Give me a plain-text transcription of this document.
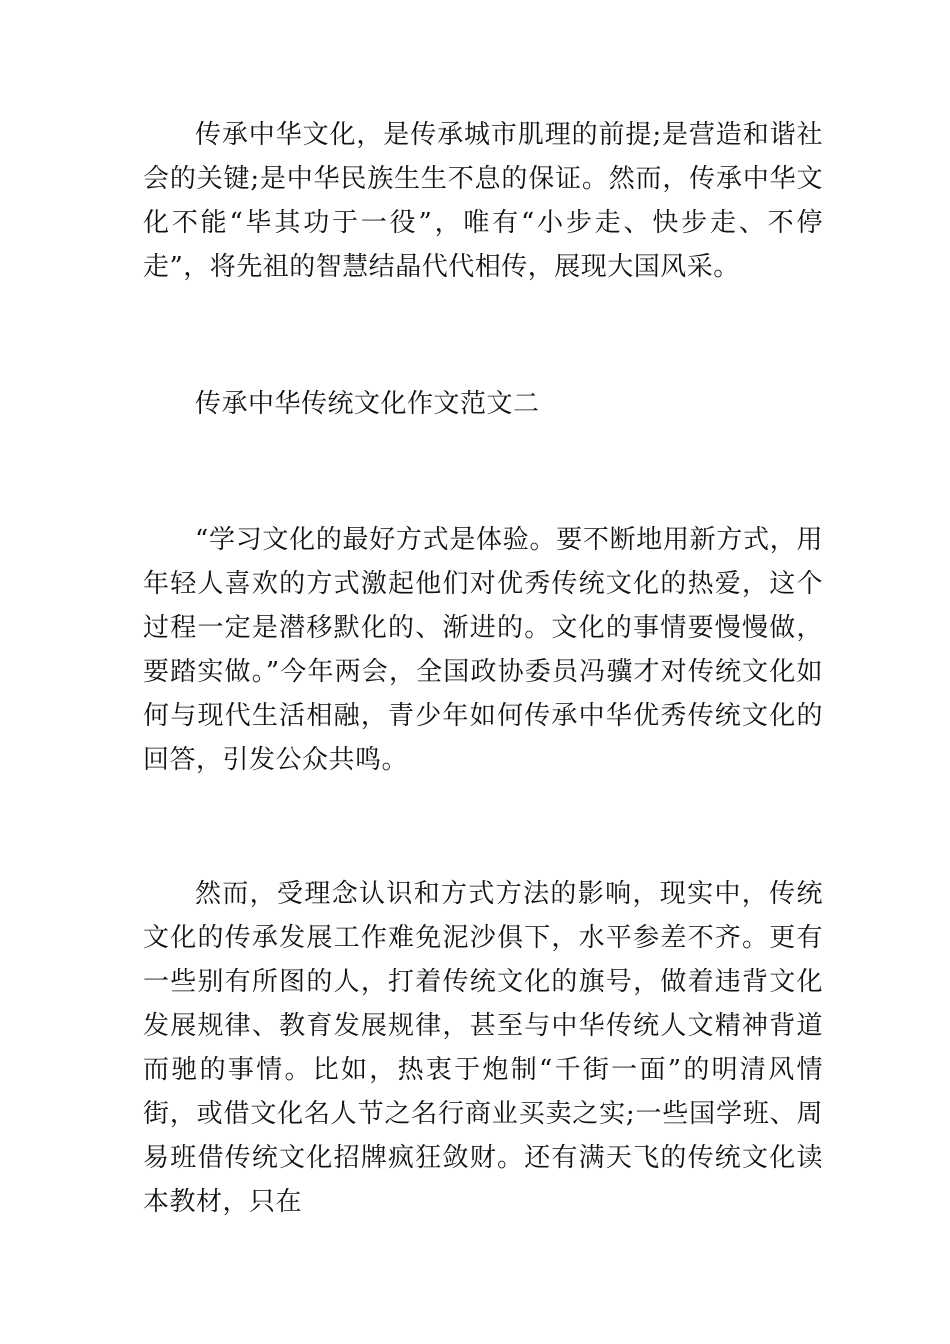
传承中华文化，是传承城市肌理的前提;是营造和谐社会的关键;是中华民族生生不息的保证。然而，传承中华文化不能“毕其功于一役”，唯有“小步走、快步走、不停走”，将先祖的智慧结晶代代相传，展现大国风采。

传承中华传统文化作文范文二

“学习文化的最好方式是体验。要不断地用新方式，用年轻人喜欢的方式激起他们对优秀传统文化的热爱，这个过程一定是潜移默化的、渐进的。文化的事情要慢慢做，要踏实做。”今年两会，全国政协委员冯骥才对传统文化如何与现代生活相融，青少年如何传承中华优秀传统文化的回答，引发公众共鸣。

然而，受理念认识和方式方法的影响，现实中，传统文化的传承发展工作难免泥沙俱下，水平参差不齐。更有一些别有所图的人，打着传统文化的旗号，做着违背文化发展规律、教育发展规律，甚至与中华传统人文精神背道而驰的事情。比如，热衷于炮制“千街一面”的明清风情街，或借文化名人节之名行商业买卖之实;一些国学班、周易班借传统文化招牌疯狂敛财。还有满天飞的传统文化读本教材，只在
